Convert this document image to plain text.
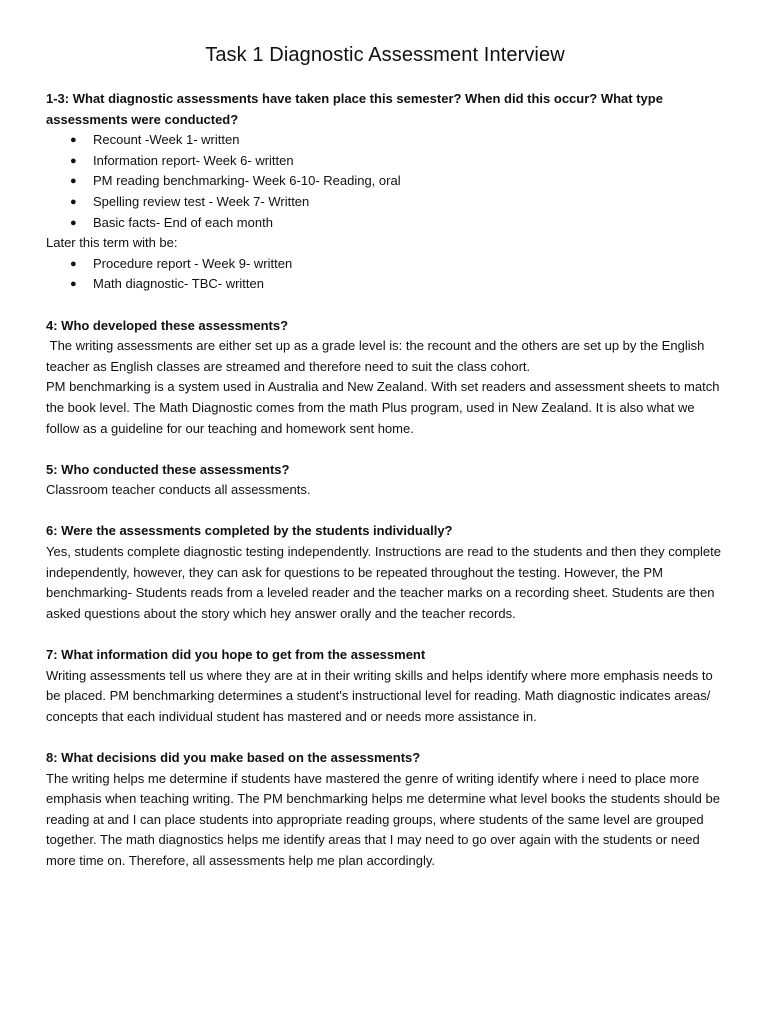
Task 1 Diagnostic Assessment Interview

1-3: What diagnostic assessments have taken place this semester? When did this occur? What type assessments were conducted?

● Recount -Week 1- written
● Information report- Week 6- written
● PM reading benchmarking- Week 6-10- Reading, oral
● Spelling review test - Week 7- Written
● Basic facts- End of each month

Later this term with be:

● Procedure report - Week 9- written
● Math diagnostic- TBC- written

4: Who developed these assessments?

The writing assessments are either set up as a grade level is: the recount and the others are set up by the English teacher as English classes are streamed and therefore need to suit the class cohort.

PM benchmarking is a system used in Australia and New Zealand. With set readers and assessment sheets to match the book level. The Math Diagnostic comes from the math Plus program, used in New Zealand. It is also what we follow as a guideline for our teaching and homework sent home.

5: Who conducted these assessments?

Classroom teacher conducts all assessments.

6: Were the assessments completed by the students individually?

Yes, students complete diagnostic testing independently. Instructions are read to the students and then they complete independently, however, they can ask for questions to be repeated throughout the testing. However, the PM benchmarking- Students reads from a leveled reader and the teacher marks on a recording sheet. Students are then asked questions about the story which hey answer orally and the teacher records.

7: What information did you hope to get from the assessment

Writing assessments tell us where they are at in their writing skills and helps identify where more emphasis needs to be placed. PM benchmarking determines a student's instructional level for reading. Math diagnostic indicates areas/ concepts that each individual student has mastered and or needs more assistance in.

8: What decisions did you make based on the assessments?

The writing helps me determine if students have mastered the genre of writing identify where i need to place more emphasis when teaching writing. The PM benchmarking helps me determine what level books the students should be reading at and I can place students into appropriate reading groups, where students of the same level are grouped together. The math diagnostics helps me identify areas that I may need to go over again with the students or need more time on. Therefore, all assessments help me plan accordingly.
